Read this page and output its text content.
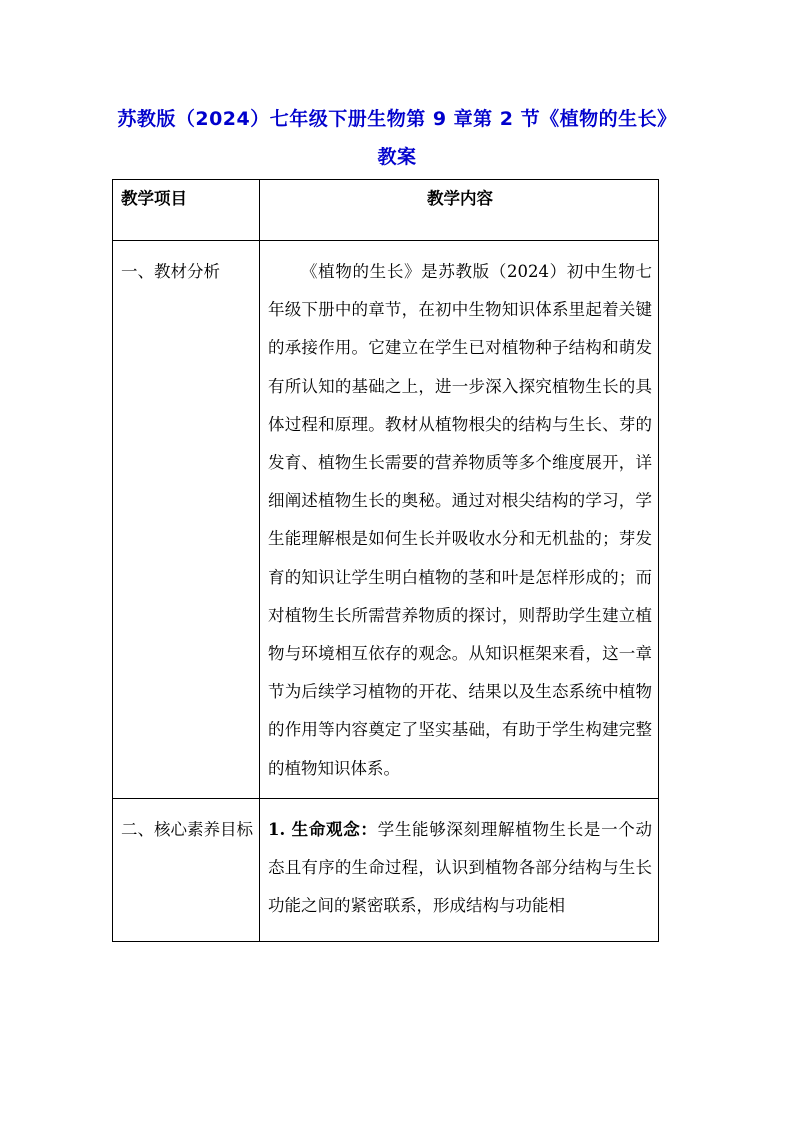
苏教版（2024）七年级下册生物第 9 章第 2 节《植物的生长》教案
教学项目	教学内容
一、教材分析	《植物的生长》是苏教版（2024）初中生物七年级下册中的章节，在初中生物知识体系里起着关键的承接作用。它建立在学生已对植物种子结构和萌发有所认知的基础之上，进一步深入探究植物生长的具体过程和原理。教材从植物根尖的结构与生长、芽的发育、植物生长需要的营养物质等多个维度展开，详细阐述植物生长的奥秘。通过对根尖结构的学习，学生能理解根是如何生长并吸收水分和无机盐的；芽发育的知识让学生明白植物的茎和叶是怎样形成的；而对植物生长所需营养物质的探讨，则帮助学生建立植物与环境相互依存的观念。从知识框架来看，这一章节为后续学习植物的开花、结果以及生态系统中植物的作用等内容奠定了坚实基础，有助于学生构建完整的植物知识体系。

二、核心素养目标	1. 生命观念：学生能够深刻理解植物生长是一个动态且有序的生命过程，认识到植物各部分结构与生长功能之间的紧密联系，形成结构与功能相
